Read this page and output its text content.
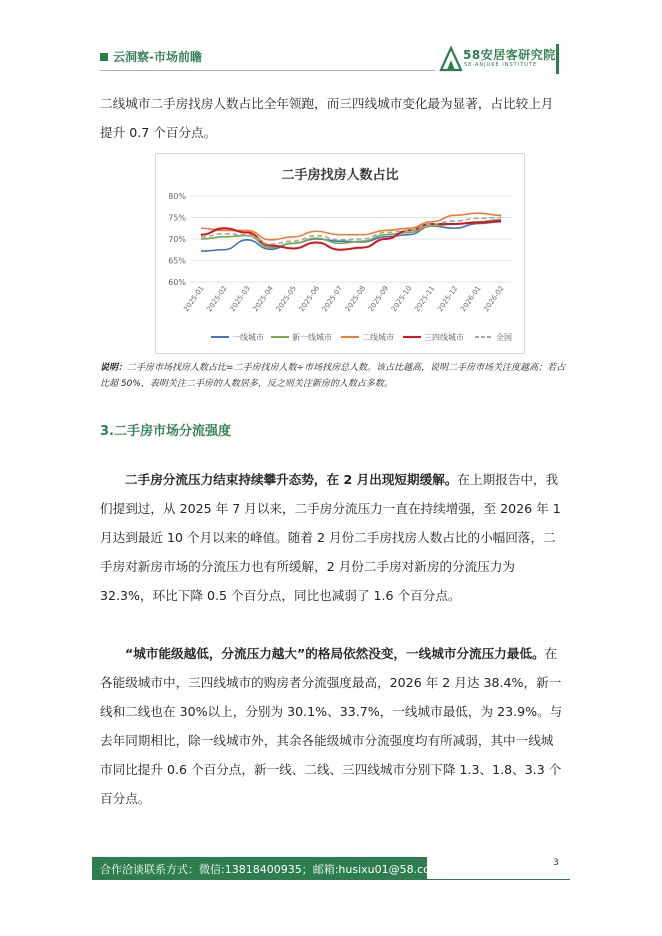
云洞察-市场前瞻	58安居客研究院
58·ANJUKE INSTITUTE
二线城市二手房找房人数占比全年领跑，而三四线城市变化最为显著，占比较上月提升 0.7 个百分点。
二手房找房人数占比
60%
65%
70%
75%
80%
2025-01 2025-02 2025-03 2025-04 2025-05 2025-06 2025-07 2025-08 2025-09 2025-10 2025-11 2025-12 2026-01 2026-02
一线城市	新一线城市	二线城市	三四线城市	全国
说明：二手房市场找房人数占比=二手房找房人数÷市场找房总人数。该占比越高，说明二手房市场关注度越高；若占比超 50%，表明关注二手房的人数居多，反之则关注新房的人数占多数。
3.二手房市场分流强度
二手房分流压力结束持续攀升态势，在 2 月出现短期缓解。在上期报告中，我们提到过，从 2025 年 7 月以来，二手房分流压力一直在持续增强，至 2026 年 1 月达到最近 10 个月以来的峰值。随着 2 月份二手房找房人数占比的小幅回落，二手房对新房市场的分流压力也有所缓解，2 月份二手房对新房的分流压力为 32.3%，环比下降 0.5 个百分点，同比也减弱了 1.6 个百分点。
“城市能级越低，分流压力越大”的格局依然没变，一线城市分流压力最低。在各能级城市中，三四线城市的购房者分流强度最高，2026 年 2 月达 38.4%，新一线和二线也在 30%以上，分别为 30.1%、33.7%，一线城市最低，为 23.9%。与去年同期相比，除一线城市外，其余各能级城市分流强度均有所减弱，其中一线城市同比提升 0.6 个百分点，新一线、二线、三四线城市分别下降 1.3、1.8、3.3 个百分点。
合作洽谈联系方式：微信:13818400935；邮箱:husixu01@58.com；	3
